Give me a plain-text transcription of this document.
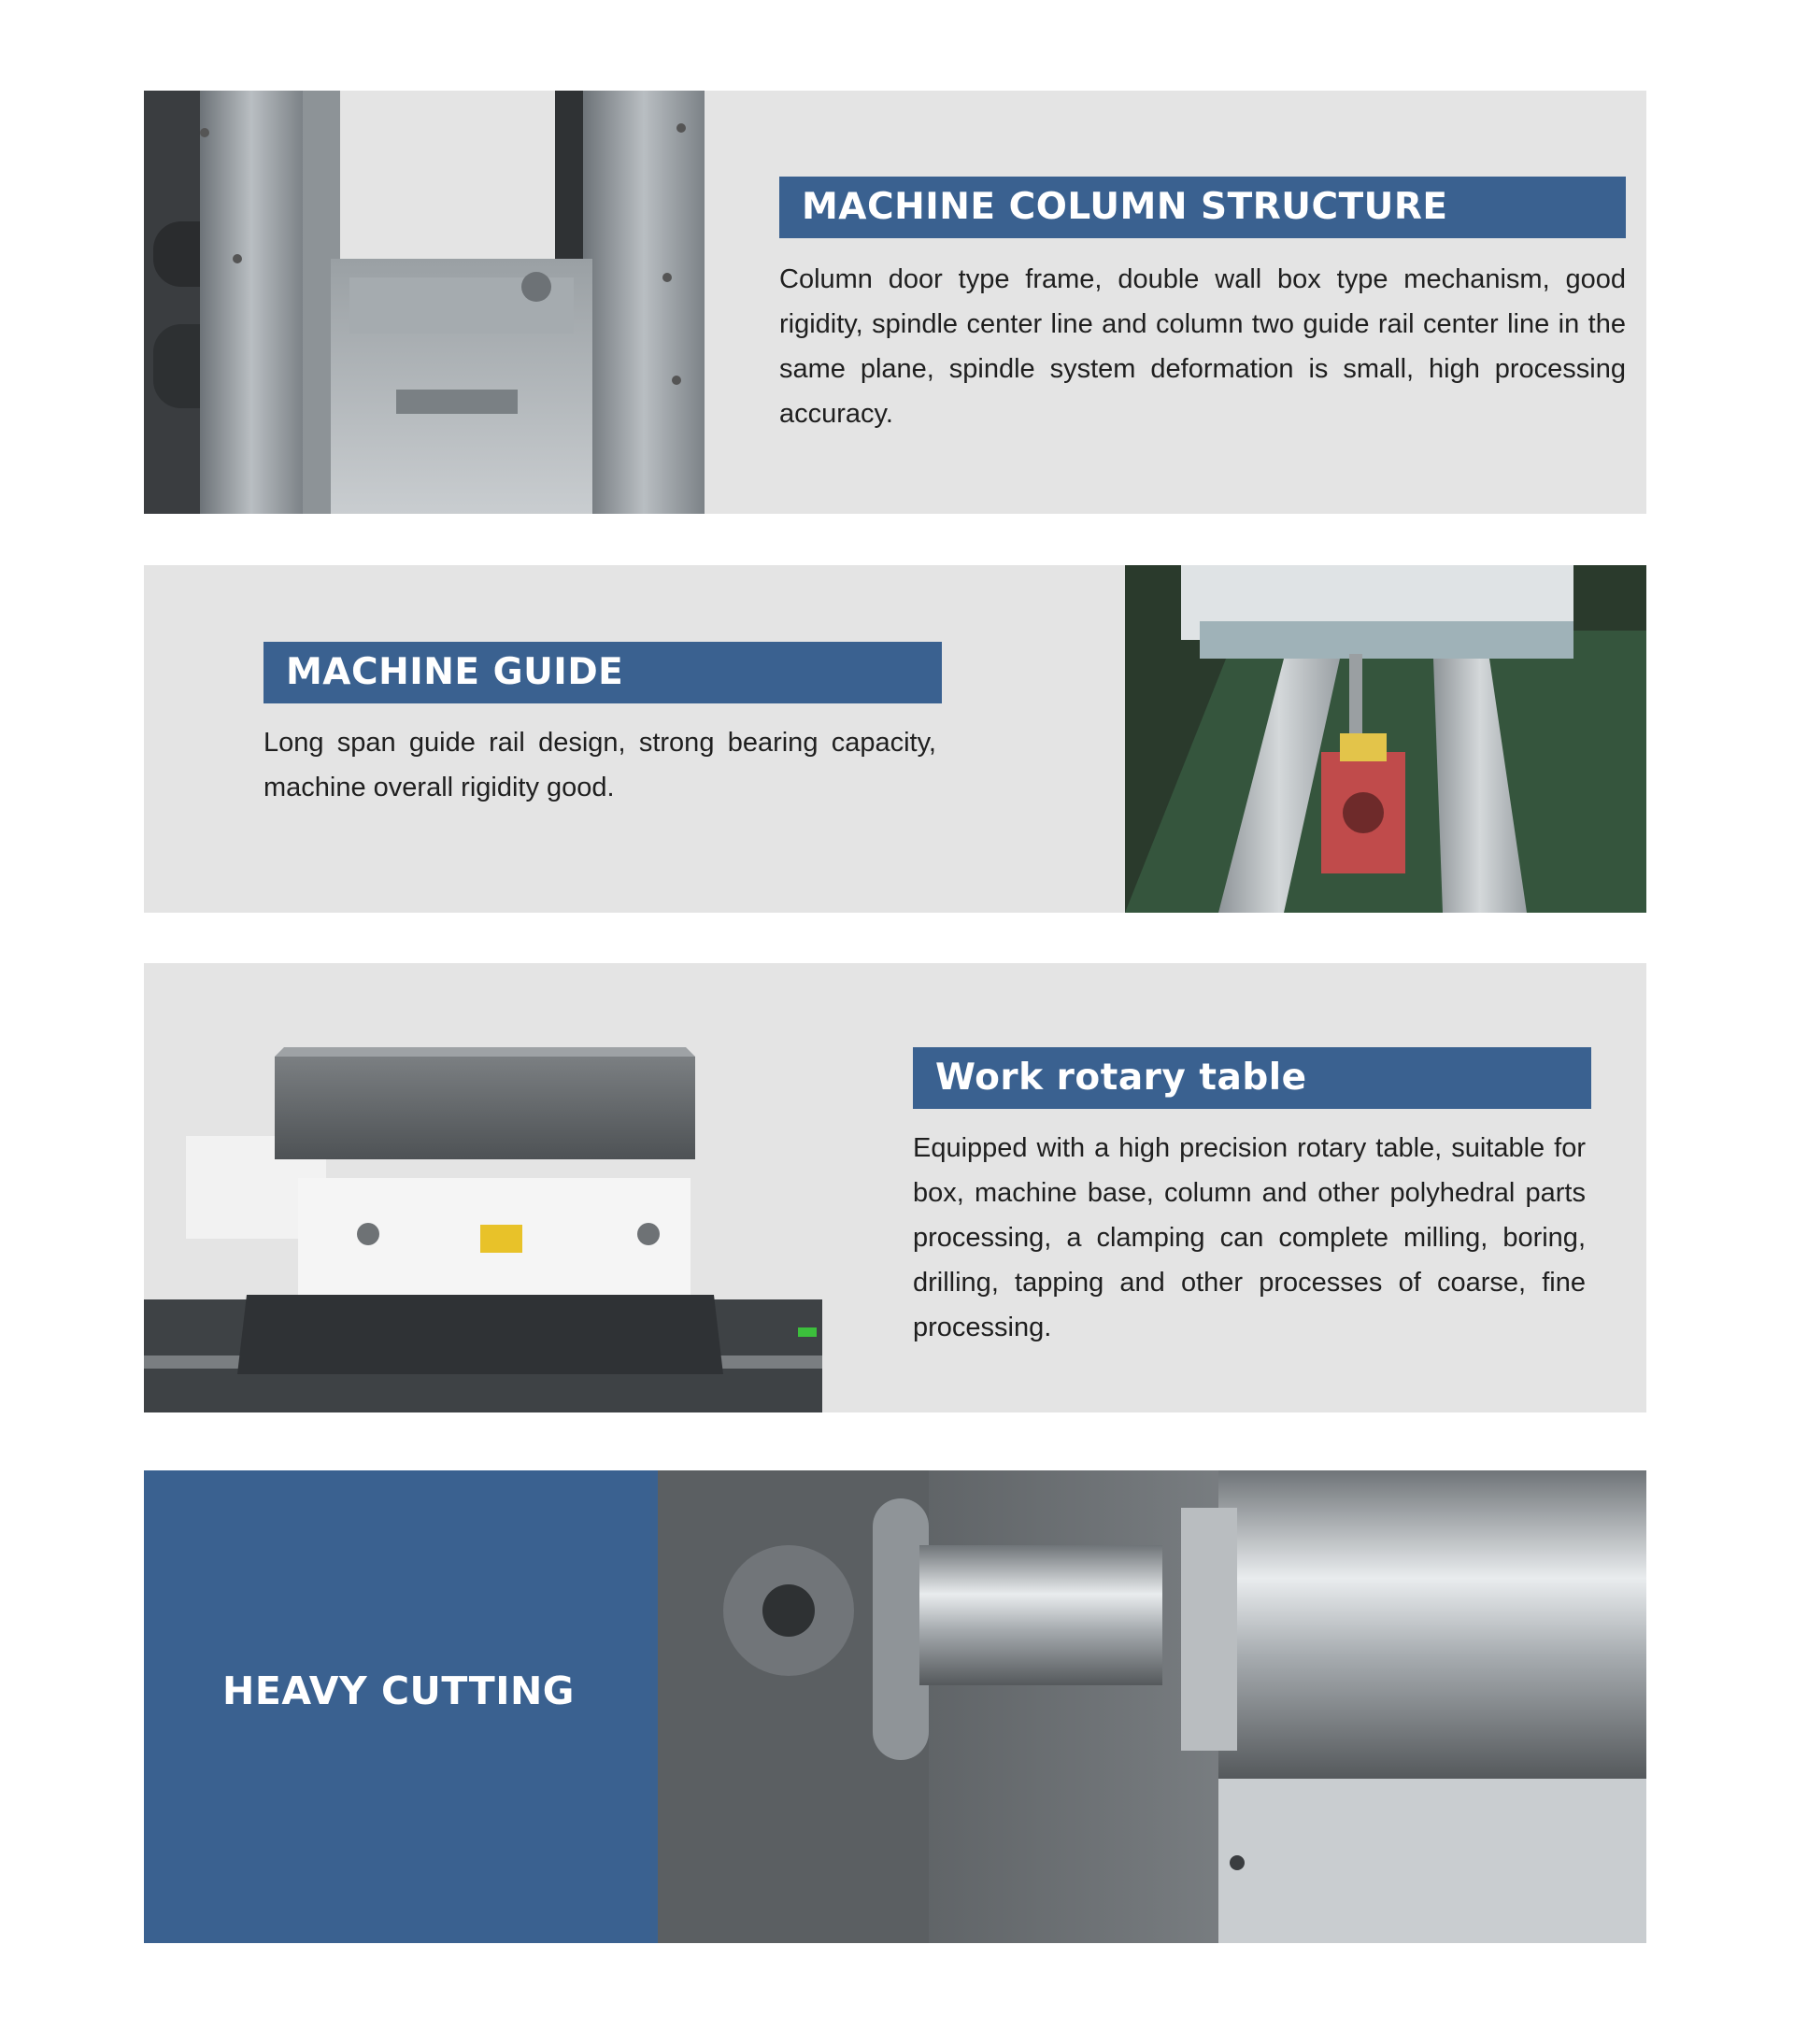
MACHINE COLUMN STRUCTURE

Column door type frame, double wall box type mechanism, good rigidity, spindle center line and column two guide rail center line in the same plane, spindle system deformation is small, high processing accuracy.

MACHINE GUIDE

Long span guide rail design, strong bearing capacity, machine overall rigidity good.

Work rotary table

Equipped with a high precision rotary table, suitable for box, machine base, column and other polyhedral parts processing, a clamping can complete milling, boring, drilling, tapping and other processes of coarse, fine processing.

HEAVY CUTTING
